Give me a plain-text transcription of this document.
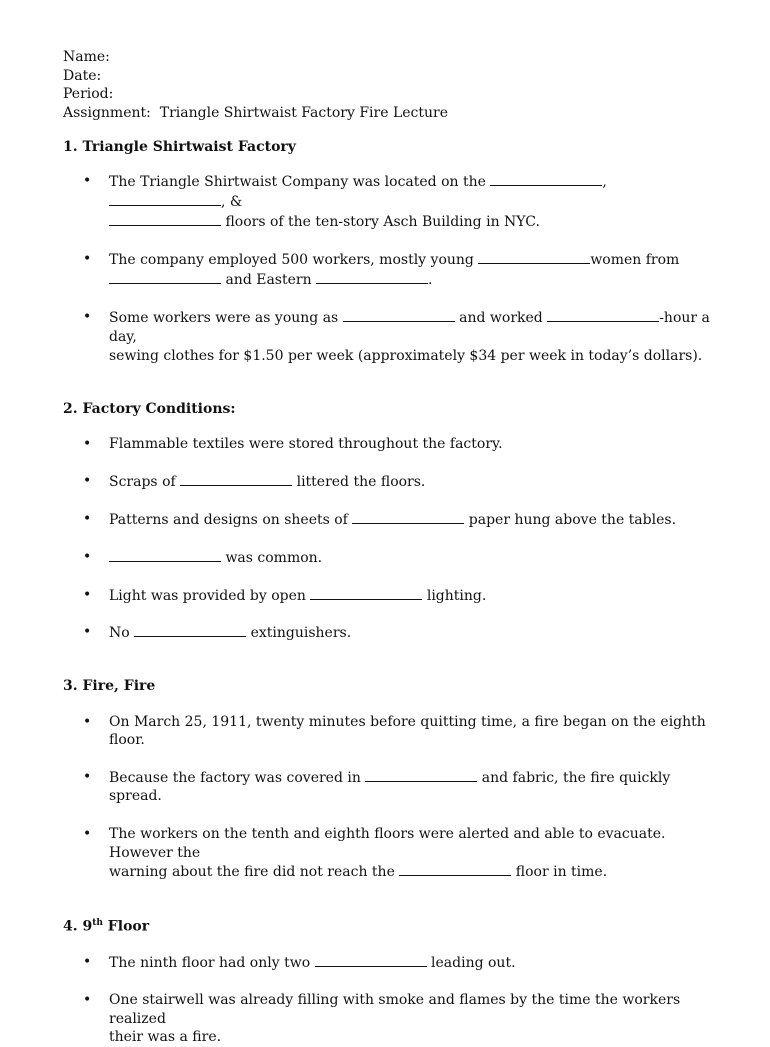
Name:
Date:
Period:
Assignment: Triangle Shirtwaist Factory Fire Lecture

1. Triangle Shirtwaist Factory

• The Triangle Shirtwaist Company was located on the	, , &
floors of the ten-story Asch Building in NYC.
• The company employed 500 workers, mostly young	women from
and Eastern	.
• Some workers were as young as	and worked	-hour a day,
sewing clothes for $1.50 per week (approximately $34 per week in today’s dollars).

2. Factory Conditions:

• Flammable textiles were stored throughout the factory.
• Scraps of	littered the floors.
• Patterns and designs on sheets of	paper hung above the tables.
• was common.
• Light was provided by open	lighting.
• No	extinguishers.

3. Fire, Fire

• On March 25, 1911, twenty minutes before quitting time, a fire began on the eighth floor.
• Because the factory was covered in	and fabric, the fire quickly spread.
• The workers on the tenth and eighth floors were alerted and able to evacuate. However the
warning about the fire did not reach the	floor in time.

4. 9th Floor

• The ninth floor had only two	leading out.
• One stairwell was already filling with smoke and flames by the time the workers realized
their was a fire.
